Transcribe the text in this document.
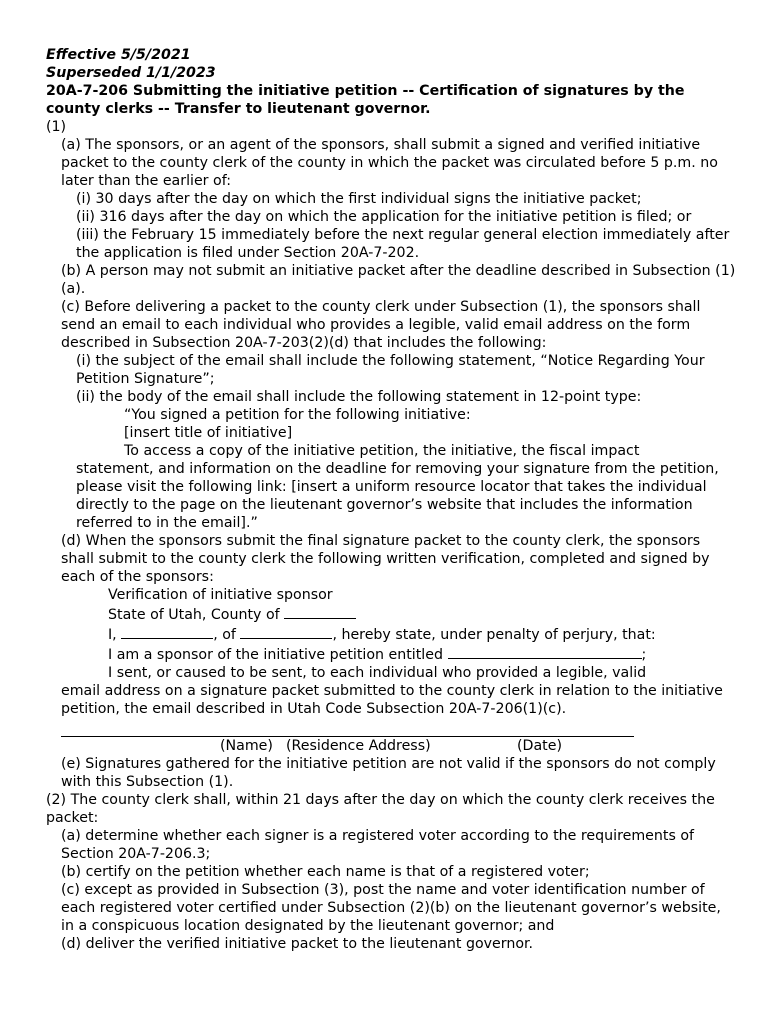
Effective 5/5/2021
Superseded 1/1/2023
20A-7-206 Submitting the initiative petition -- Certification of signatures by the county clerks -- Transfer to lieutenant governor.
(1)
(a) The sponsors, or an agent of the sponsors, shall submit a signed and verified initiative packet to the county clerk of the county in which the packet was circulated before 5 p.m. no later than the earlier of:
(i) 30 days after the day on which the first individual signs the initiative packet;
(ii) 316 days after the day on which the application for the initiative petition is filed; or
(iii) the February 15 immediately before the next regular general election immediately after the application is filed under Section 20A-7-202.
(b) A person may not submit an initiative packet after the deadline described in Subsection (1)(a).
(c) Before delivering a packet to the county clerk under Subsection (1), the sponsors shall send an email to each individual who provides a legible, valid email address on the form described in Subsection 20A-7-203(2)(d) that includes the following:
(i) the subject of the email shall include the following statement, “Notice Regarding Your Petition Signature”;
(ii) the body of the email shall include the following statement in 12-point type:
“You signed a petition for the following initiative:
[insert title of initiative]
To access a copy of the initiative petition, the initiative, the fiscal impact
statement, and information on the deadline for removing your signature from the petition, please visit the following link: [insert a uniform resource locator that takes the individual directly to the page on the lieutenant governor’s website that includes the information referred to in the email].”
(d) When the sponsors submit the final signature packet to the county clerk, the sponsors shall submit to the county clerk the following written verification, completed and signed by each of the sponsors:
Verification of initiative sponsor
State of Utah, County of
I,	, of	, hereby state, under penalty of perjury, that:
I am a sponsor of the initiative petition entitled	;
I sent, or caused to be sent, to each individual who provided a legible, valid
email address on a signature packet submitted to the county clerk in relation to the initiative petition, the email described in Utah Code Subsection 20A-7-206(1)(c).
(Name) (Residence Address)	(Date)
(e) Signatures gathered for the initiative petition are not valid if the sponsors do not comply with this Subsection (1).
(2) The county clerk shall, within 21 days after the day on which the county clerk receives the packet:
(a) determine whether each signer is a registered voter according to the requirements of Section 20A-7-206.3;
(b) certify on the petition whether each name is that of a registered voter;
(c) except as provided in Subsection (3), post the name and voter identification number of each registered voter certified under Subsection (2)(b) on the lieutenant governor’s website, in a conspicuous location designated by the lieutenant governor; and
(d) deliver the verified initiative packet to the lieutenant governor.
